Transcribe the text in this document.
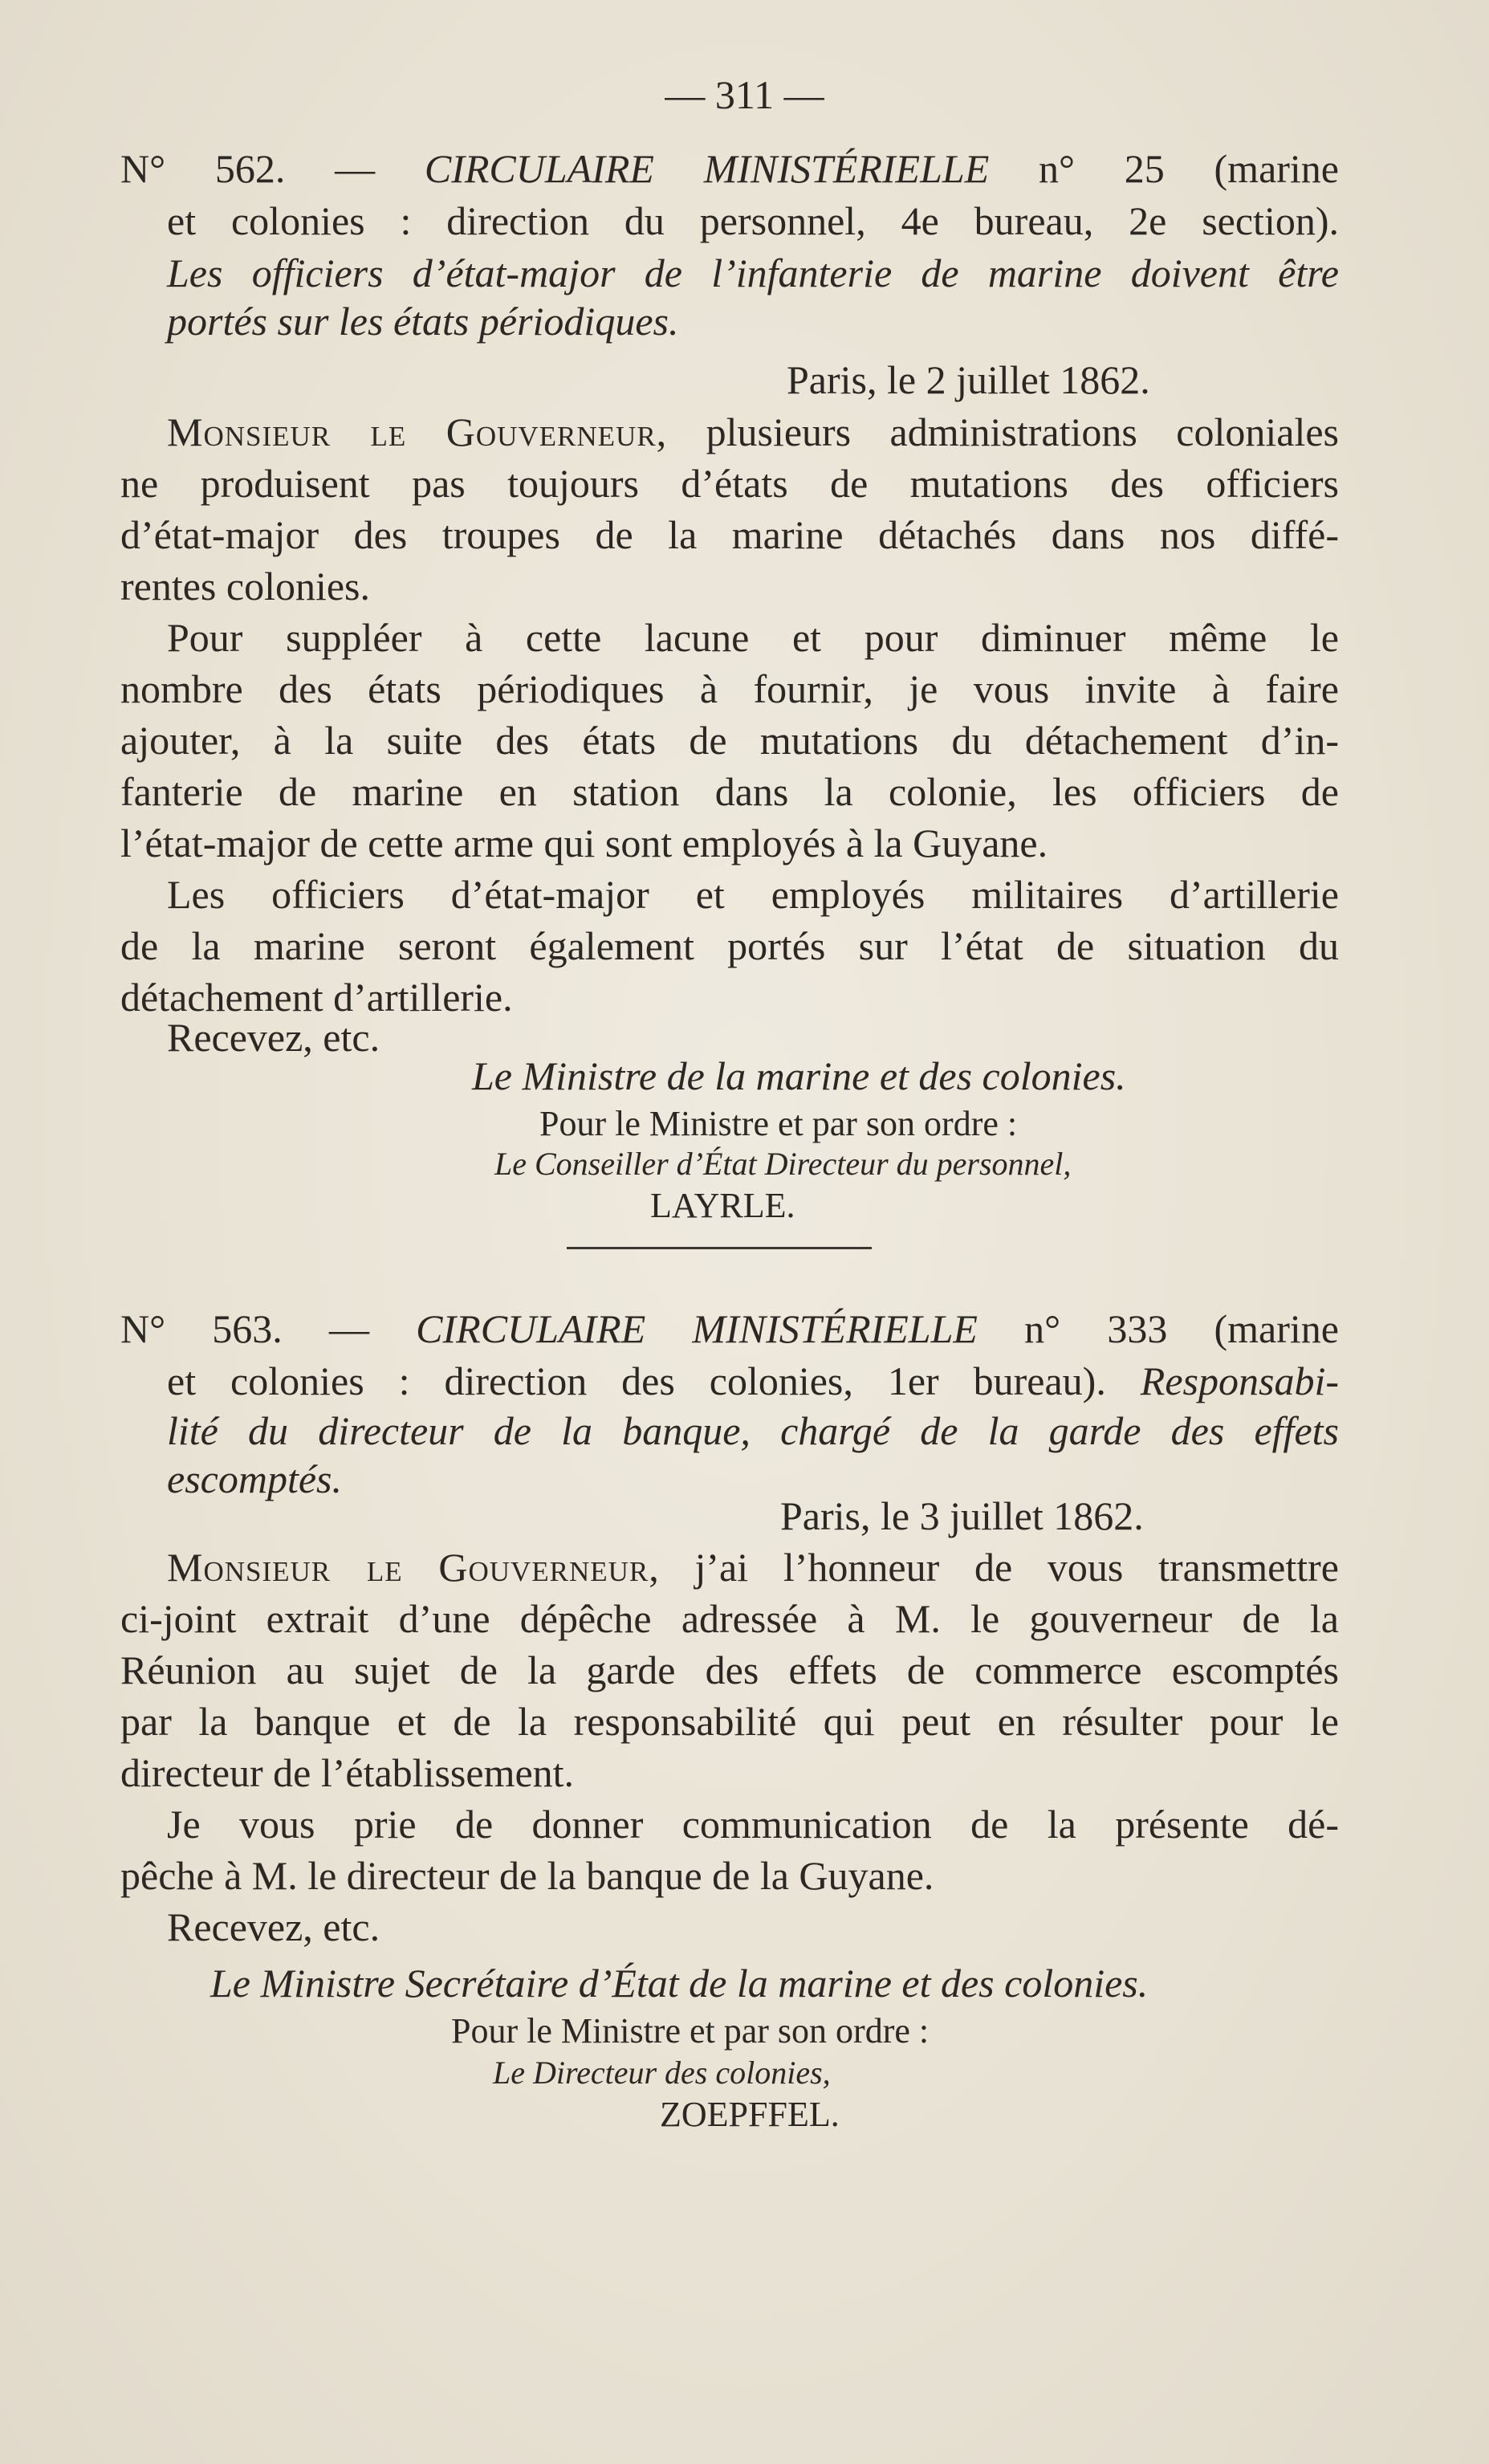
— 311 —
N° 562. — CIRCULAIRE MINISTÉRIELLE n° 25 (marine
et colonies : direction du personnel, 4e bureau, 2e section).
Les officiers d’état-major de l’infanterie de marine doivent être
portés sur les états périodiques.
Paris, le 2 juillet 1862.
Monsieur le Gouverneur, plusieurs administrations coloniales
ne produisent pas toujours d’états de mutations des officiers
d’état-major des troupes de la marine détachés dans nos diffé-
rentes colonies.
Pour suppléer à cette lacune et pour diminuer même le
nombre des états périodiques à fournir, je vous invite à faire
ajouter, à la suite des états de mutations du détachement d’in-
fanterie de marine en station dans la colonie, les officiers de
l’état-major de cette arme qui sont employés à la Guyane.
Les officiers d’état-major et employés militaires d’artillerie
de la marine seront également portés sur l’état de situation du
détachement d’artillerie.
Recevez, etc.
Le Ministre de la marine et des colonies.
Pour le Ministre et par son ordre :
Le Conseiller d’État Directeur du personnel,
LAYRLE.
N° 563. — CIRCULAIRE MINISTÉRIELLE n° 333 (marine
et colonies : direction des colonies, 1er bureau). Responsabi-
lité du directeur de la banque, chargé de la garde des effets
escomptés.
Paris, le 3 juillet 1862.
Monsieur le Gouverneur, j’ai l’honneur de vous transmettre
ci-joint extrait d’une dépêche adressée à M. le gouverneur de la
Réunion au sujet de la garde des effets de commerce escomptés
par la banque et de la responsabilité qui peut en résulter pour le
directeur de l’établissement.
Je vous prie de donner communication de la présente dé-
pêche à M. le directeur de la banque de la Guyane.
Recevez, etc.
Le Ministre Secrétaire d’État de la marine et des colonies.
Pour le Ministre et par son ordre :
Le Directeur des colonies,
ZOEPFFEL.
